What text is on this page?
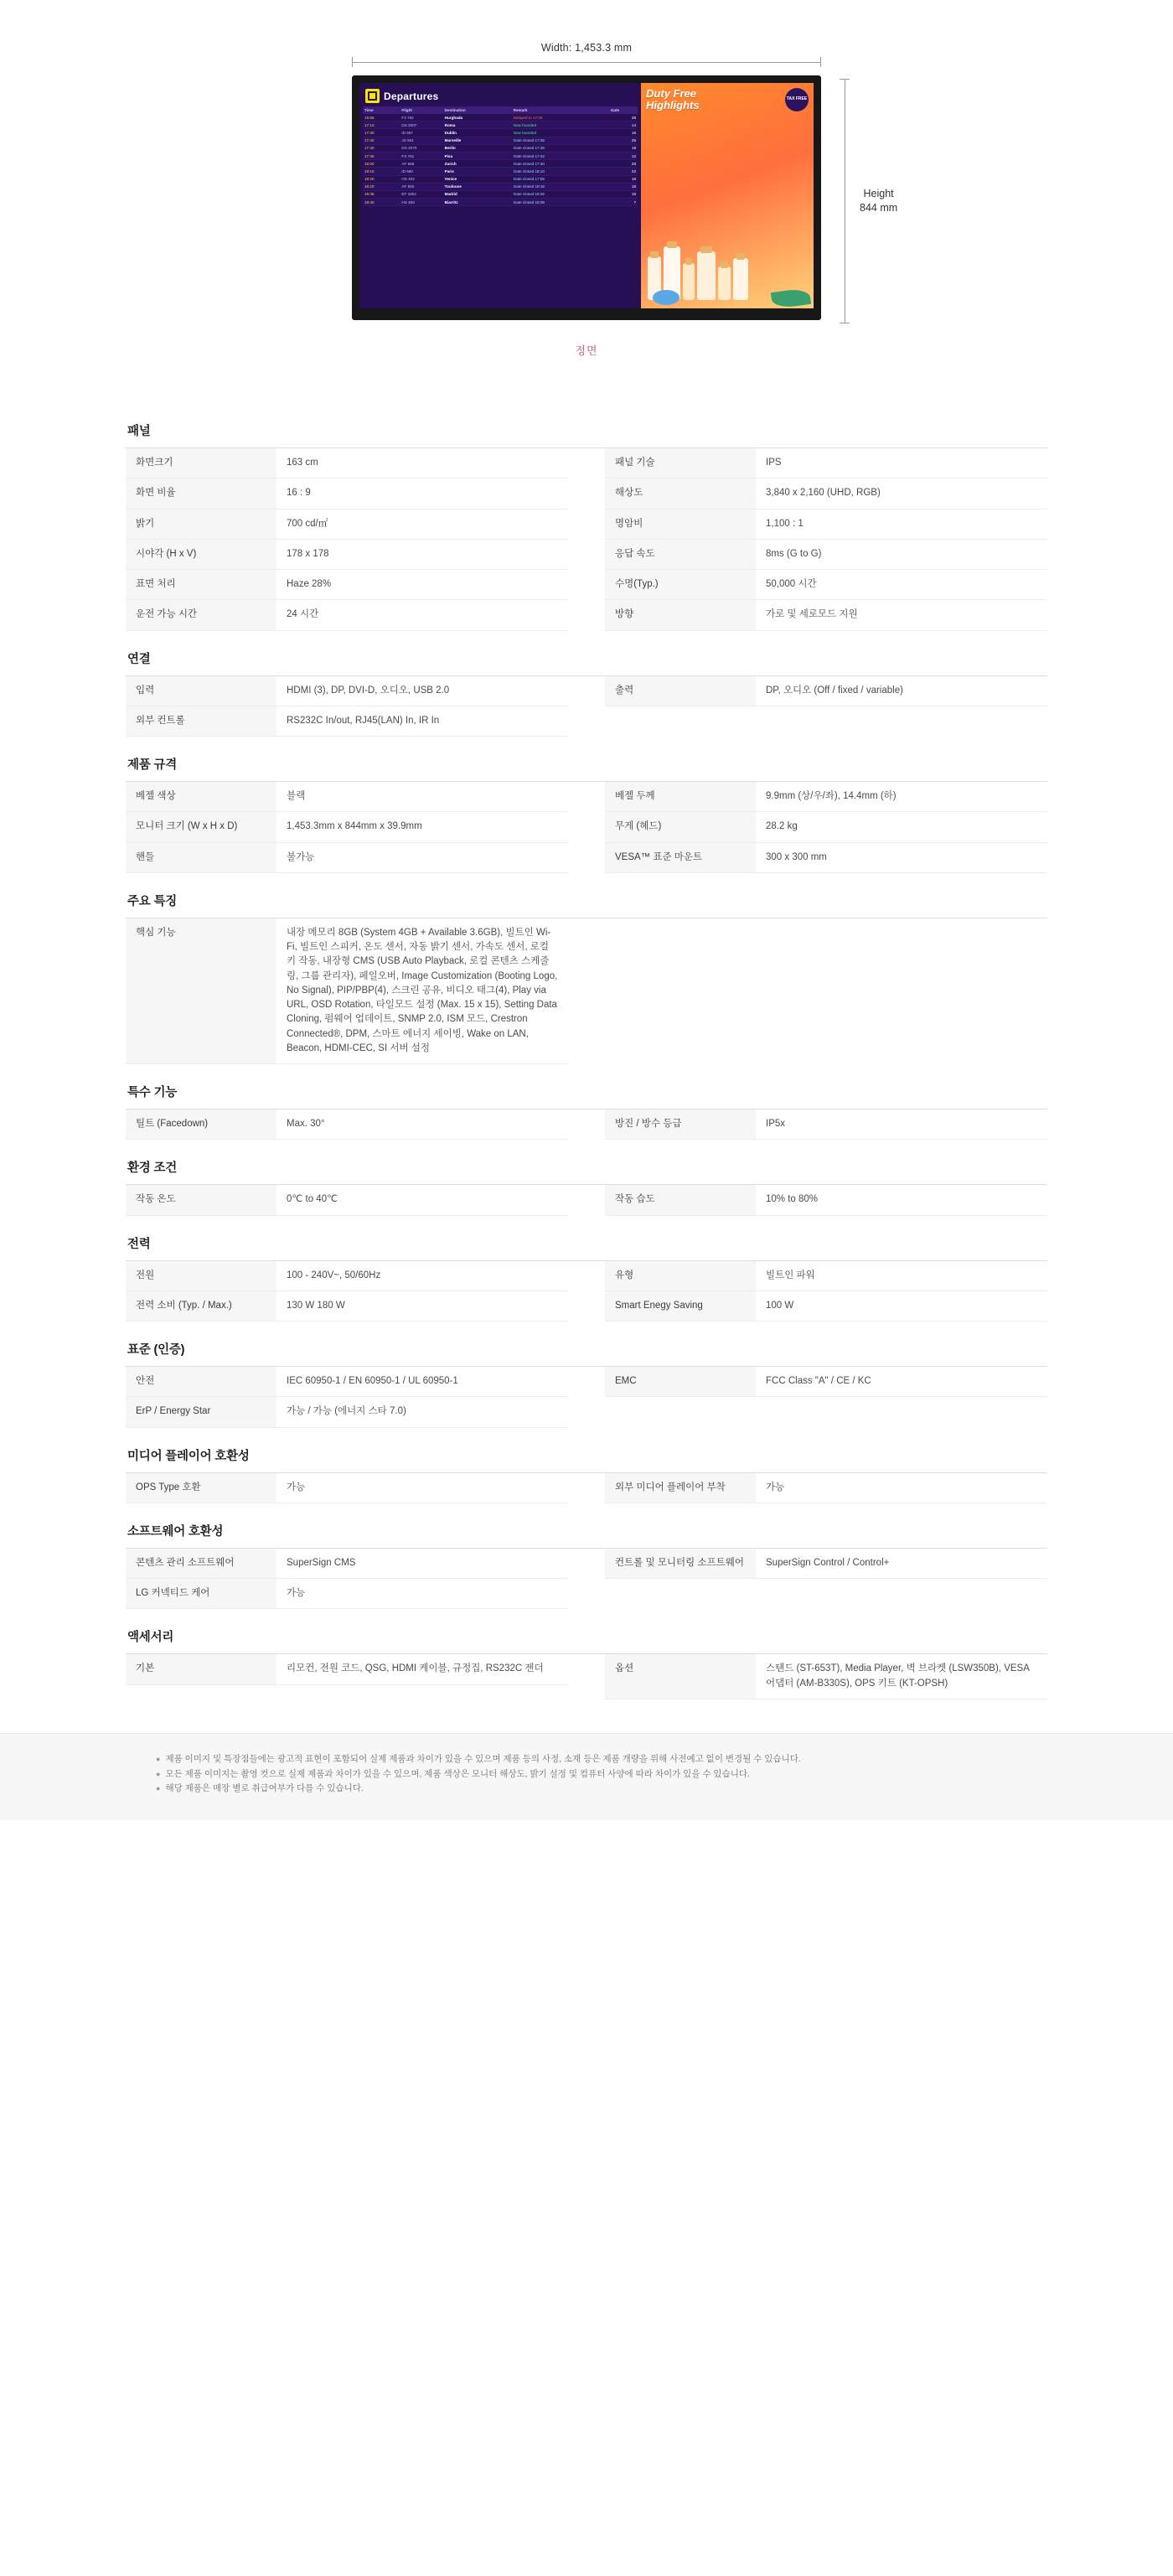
Width: 1,453.3 mm
Height
844 mm
Departures
Time	Flight	Destination	Remark	Gate
15:55	F3 752	Hurghada	Delayed to 17:30	28
17:10	DS 2007	Roma	Now boarded	14
17:30	ID 667	Dublin	Now boarded	16
17:40	JS 961	Marseille	Gate closed 17:38	25
17:40	DS 2070	Berlin	Gate closed 17:36	19
17:45	FX 761	Pisa	Gate closed 17:42	12
18:00	AF 558	Zurich	Gate closed 17:40	28
18:15	ID 660	Paris	Gate closed 18:10	22
18:20	HS 402	Venice	Gate closed 17:55	18
18:20	AF 550	Toulouse	Gate closed 18:15	18
18:35	EF 1002	Madrid	Gate closed 18:26	16
18:40	HS 409	Biarritz	Gate closed 18:38	7
Duty Free
Highlights	TAX FREE
정면
패널
화면크기	163 cm
화면 비율	16 : 9
밝기	700 cd/㎡
시야각 (H x V)	178 x 178
표면 처리	Haze 28%
운전 가능 시간	24 시간
패널 기술	IPS
해상도	3,840 x 2,160 (UHD, RGB)
명암비	1,100 : 1
응답 속도	8ms (G to G)
수명(Typ.)	50,000 시간
방향	가로 및 세로모드 지원
연결
입력	HDMI (3), DP, DVI-D, 오디오, USB 2.0
외부 컨트롤	RS232C In/out, RJ45(LAN) In, IR In
출력	DP, 오디오 (Off / fixed / variable)
제품 규격
베젤 색상	블랙
모니터 크기 (W x H x D)	1,453.3mm x 844mm x 39.9mm
핸들	불가능
베젤 두께	9.9mm (상/우/좌), 14.4mm (하)
무게 (헤드)	28.2 kg
VESA™ 표준 마운트	300 x 300 mm
주요 특징
핵심 기능	내장 메모리 8GB (System 4GB + Available 3.6GB), 빌트인 Wi-Fi, 빌트인 스피커, 온도 센서, 자동 밝기 센서, 가속도 센서, 로컬 키 작동, 내장형 CMS (USB Auto Playback, 로컬 콘텐츠 스케줄링, 그룹 관리자), 페일오버, Image Customization (Booting Logo, No Signal), PIP/PBP(4), 스크린 공유, 비디오 태그(4), Play via URL, OSD Rotation, 타일모드 설정 (Max. 15 x 15), Setting Data Cloning, 펌웨어 업데이트, SNMP 2.0, ISM 모드, Crestron Connected®, DPM, 스마트 에너지 세이빙, Wake on LAN, Beacon, HDMI-CEC, SI 서버 설정
특수 기능
틸트 (Facedown)	Max. 30°	방진 / 방수 등급	IP5x
환경 조건
작동 온도	0℃ to 40℃	작동 습도	10% to 80%
전력
전원	100 - 240V~, 50/60Hz
전력 소비 (Typ. / Max.)	130 W 180 W
유형	빌트인 파워
Smart Enegy Saving	100 W
표준 (인증)
안전	IEC 60950-1 / EN 60950-1 / UL 60950-1
ErP / Energy Star	가능 / 가능 (에너지 스타 7.0)
EMC	FCC Class "A" / CE / KC
미디어 플레이어 호환성
OPS Type 호환	가능	외부 미디어 플레이어 부착	가능
소프트웨어 호환성
콘텐츠 관리 소프트웨어	SuperSign CMS
LG 커넥티드 케어	가능
컨트롤 및 모니터링 소프트웨어	SuperSign Control / Control+
액세서리
기본	리모컨, 전원 코드, QSG, HDMI 케이블, 규정집, RS232C 젠더	옵션	스탠드 (ST-653T), Media Player, 벽 브라켓 (LSW350B), VESA 어댑터 (AM-B330S), OPS 키트 (KT-OPSH)
● 제품 이미지 및 특장점들에는 광고적 표현이 포함되어 실제 제품과 차이가 있을 수 있으며 제품 등의 사정, 소재 등은 제품 개량을 위해 사전예고 없이 변경될 수 있습니다.
● 모든 제품 이미지는 촬영 컷으로 실제 제품과 차이가 있을 수 있으며, 제품 색상은 모니터 해상도, 밝기 설정 및 컴퓨터 사양에 따라 차이가 있을 수 있습니다.
● 해당 제품은 매장 별로 취급여부가 다를 수 있습니다.
